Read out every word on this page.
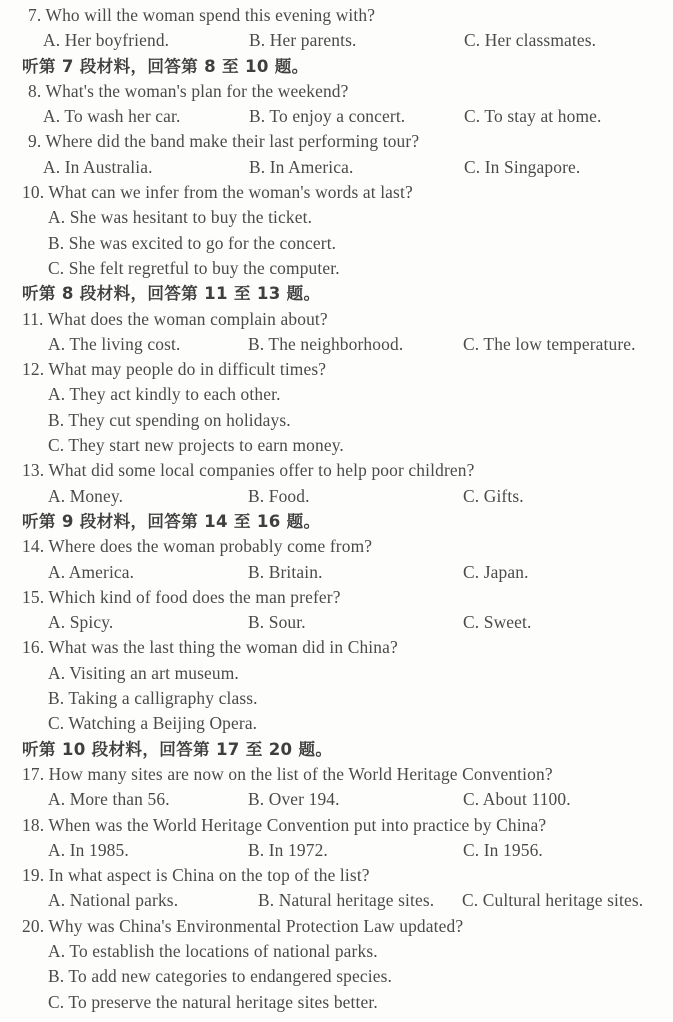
7. Who will the woman spend this evening with?
A. Her boyfriend.	B. Her parents.	C. Her classmates.
听第 7 段材料，回答第 8 至 10 题。
8. What's the woman's plan for the weekend?
A. To wash her car.	B. To enjoy a concert.	C. To stay at home.
9. Where did the band make their last performing tour?
A. In Australia.	B. In America.	C. In Singapore.
10. What can we infer from the woman's words at last?
A. She was hesitant to buy the ticket.
B. She was excited to go for the concert.
C. She felt regretful to buy the computer.
听第 8 段材料，回答第 11 至 13 题。
11. What does the woman complain about?
A. The living cost.	B. The neighborhood.	C. The low temperature.
12. What may people do in difficult times?
A. They act kindly to each other.
B. They cut spending on holidays.
C. They start new projects to earn money.
13. What did some local companies offer to help poor children?
A. Money.	B. Food.	C. Gifts.
听第 9 段材料，回答第 14 至 16 题。
14. Where does the woman probably come from?
A. America.	B. Britain.	C. Japan.
15. Which kind of food does the man prefer?
A. Spicy.	B. Sour.	C. Sweet.
16. What was the last thing the woman did in China?
A. Visiting an art museum.
B. Taking a calligraphy class.
C. Watching a Beijing Opera.
听第 10 段材料，回答第 17 至 20 题。
17. How many sites are now on the list of the World Heritage Convention?
A. More than 56.	B. Over 194.	C. About 1100.
18. When was the World Heritage Convention put into practice by China?
A. In 1985.	B. In 1972.	C. In 1956.
19. In what aspect is China on the top of the list?
A. National parks.	B. Natural heritage sites. C. Cultural heritage sites.
20. Why was China's Environmental Protection Law updated?
A. To establish the locations of national parks.
B. To add new categories to endangered species.
C. To preserve the natural heritage sites better.
